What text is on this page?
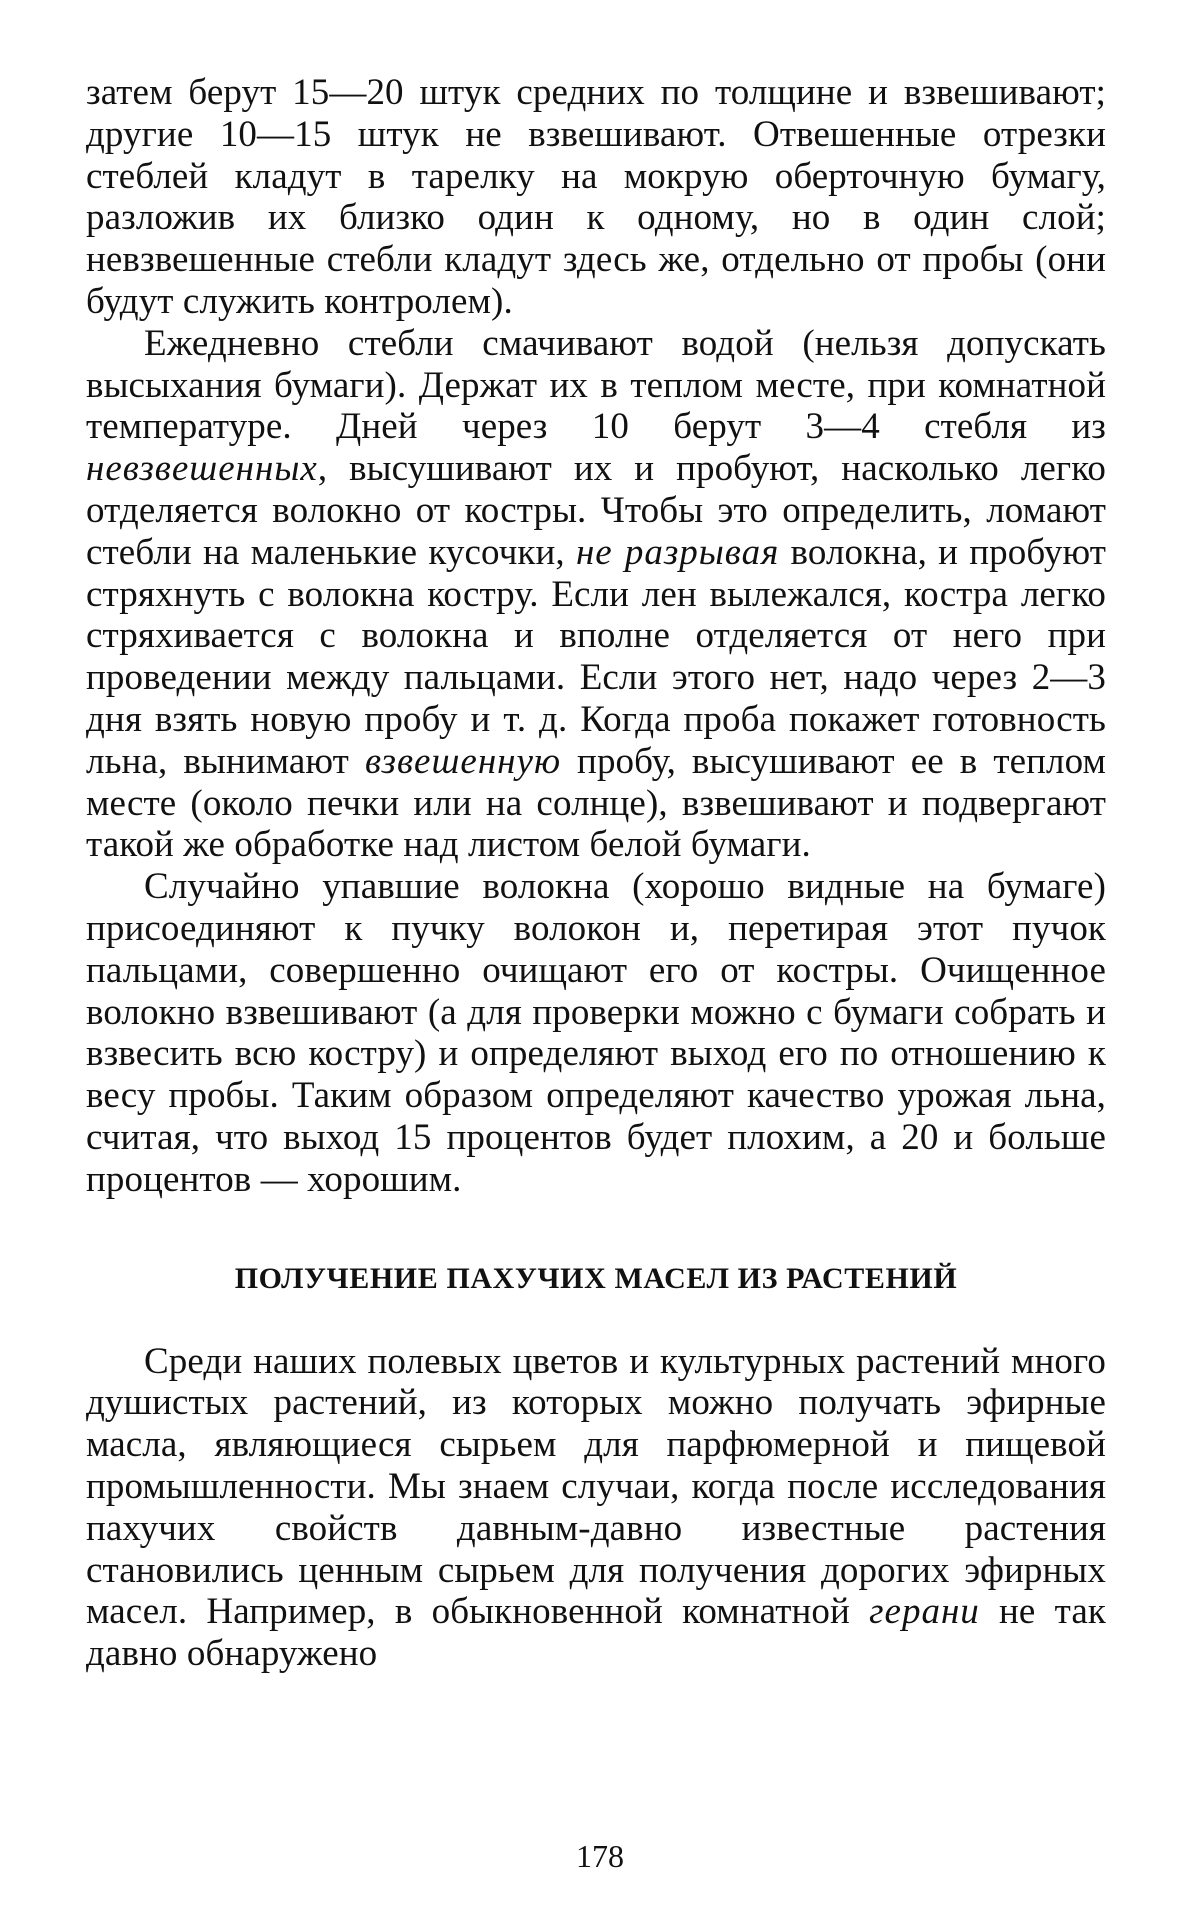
затем берут 15—20 штук средних по толщине и взвешивают; другие 10—15 штук не взвешивают. Отвешенные отрезки стеблей кладут в тарелку на мокрую оберточную бумагу, разложив их близко один к одному, но в один слой; невзвешенные стебли кладут здесь же, отдельно от пробы (они будут служить контролем).

Ежедневно стебли смачивают водой (нельзя допускать высыхания бумаги). Держат их в теплом месте, при комнатной температуре. Дней через 10 берут 3—4 стебля из невзвешенных, высушивают их и пробуют, насколько легко отделяется волокно от костры. Чтобы это определить, ломают стебли на маленькие кусочки, не разрывая волокна, и пробуют стряхнуть с волокна костру. Если лен вылежался, костра легко стряхивается с волокна и вполне отделяется от него при проведении между пальцами. Если этого нет, надо через 2—3 дня взять новую пробу и т. д. Когда проба покажет готовность льна, вынимают взвешенную пробу, высушивают ее в теплом месте (около печки или на солнце), взвешивают и подвергают такой же обработке над листом белой бумаги.

Случайно упавшие волокна (хорошо видные на бумаге) присоединяют к пучку волокон и, перетирая этот пучок пальцами, совершенно очищают его от костры. Очищенное волокно взвешивают (а для проверки можно с бумаги собрать и взвесить всю костру) и определяют выход его по отношению к весу пробы. Таким образом определяют качество урожая льна, считая, что выход 15 процентов будет плохим, а 20 и больше процентов — хорошим.

ПОЛУЧЕНИЕ ПАХУЧИХ МАСЕЛ ИЗ РАСТЕНИЙ

Среди наших полевых цветов и культурных растений много душистых растений, из которых можно получать эфирные масла, являющиеся сырьем для парфюмерной и пищевой промышленности. Мы знаем случаи, когда после исследования пахучих свойств давным-давно известные растения становились ценным сырьем для получения дорогих эфирных масел. Например, в обыкновенной комнатной герани не так давно обнаружено

178
